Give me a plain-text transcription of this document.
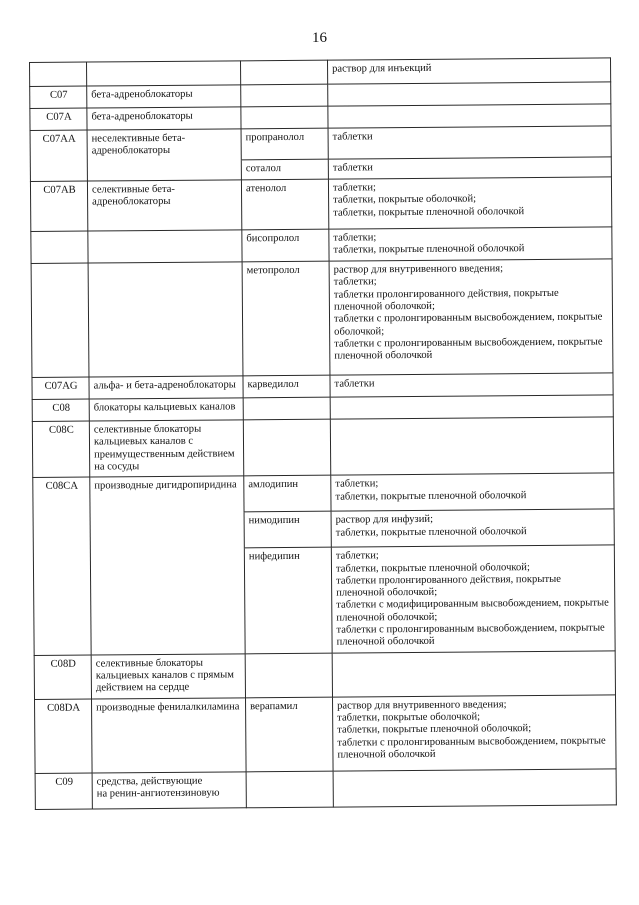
16
			раствор для инъекций
C07	бета-адреноблокаторы		
C07A	бета-адреноблокаторы		
C07AA	неселективные бета-
адреноблокаторы	пропранолол	таблетки
		соталол	таблетки
C07AB	селективные бета-
адреноблокаторы	атенолол	таблетки;
таблетки, покрытые оболочкой;
таблетки, покрытые пленочной оболочкой
		бисопролол	таблетки;
таблетки, покрытые пленочной оболочкой
		метопролол	раствор для внутривенного введения;
таблетки;
таблетки пролонгированного действия, покрытые пленочной оболочкой;
таблетки с пролонгированным высвобождением, покрытые оболочкой;
таблетки с пролонгированным высвобождением, покрытые пленочной оболочкой
C07AG	альфа- и бета-адреноблокаторы	карведилол	таблетки
C08	блокаторы кальциевых каналов		
C08C	селективные блокаторы кальциевых каналов с преимущественным действием на сосуды		
C08CA	производные дигидропиридина	амлодипин	таблетки;
таблетки, покрытые пленочной оболочкой
		нимодипин	раствор для инфузий;
таблетки, покрытые пленочной оболочкой
		нифедипин	таблетки;
таблетки, покрытые пленочной оболочкой;
таблетки пролонгированного действия, покрытые пленочной оболочкой;
таблетки с модифицированным высвобождением, покрытые пленочной оболочкой;
таблетки с пролонгированным высвобождением, покрытые пленочной оболочкой
C08D	селективные блокаторы кальциевых каналов с прямым действием на сердце		
C08DA	производные фенилалкиламина	верапамил	раствор для внутривенного введения;
таблетки, покрытые оболочкой;
таблетки, покрытые пленочной оболочкой;
таблетки с пролонгированным высвобождением, покрытые пленочной оболочкой
C09	средства, действующие
на ренин-ангиотензиновую		
